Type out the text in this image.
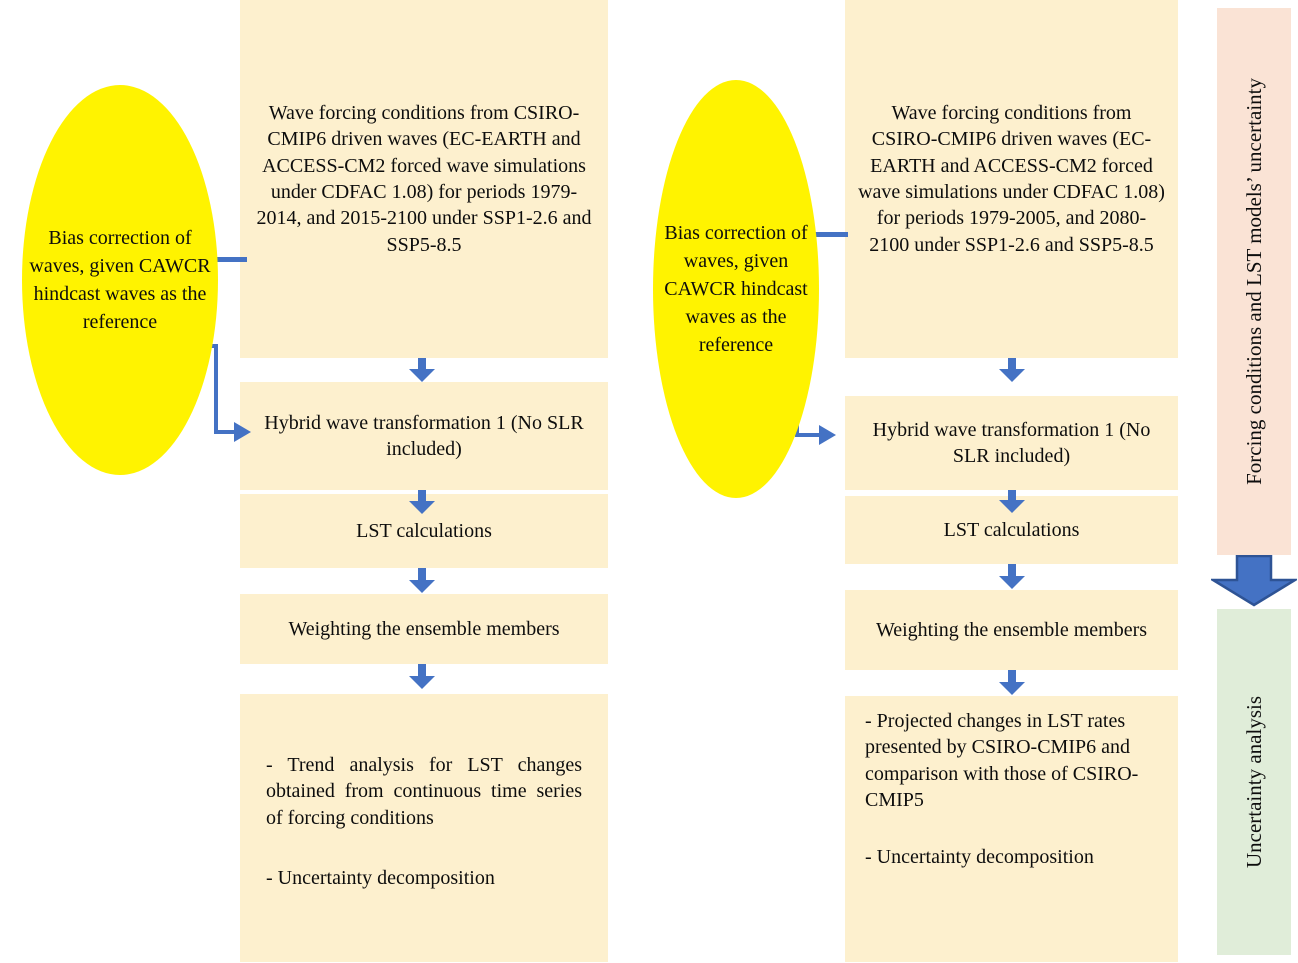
Wave forcing conditions from CSIRO-CMIP6 driven waves (EC-EARTH and ACCESS-CM2 forced wave simulations under CDFAC 1.08) for periods 1979-2014, and 2015-2100 under SSP1-2.6 and SSP5-8.5
Hybrid wave transformation 1 (No SLR included)
LST calculations
Weighting the ensemble members
- Trend analysis for LST changes obtained from continuous time series of forcing conditions
- Uncertainty decomposition
Bias correction of waves, given CAWCR hindcast waves as the reference
Wave forcing conditions from CSIRO-CMIP6 driven waves (EC-EARTH and ACCESS-CM2 forced wave simulations under CDFAC 1.08) for periods 1979-2005, and 2080-2100 under SSP1-2.6 and SSP5-8.5
Hybrid wave transformation 1 (No SLR included)
LST calculations
Weighting the ensemble members
- Projected changes in LST rates presented by CSIRO-CMIP6 and comparison with those of CSIRO-CMIP5
- Uncertainty decomposition
Bias correction of waves, given CAWCR hindcast waves as the reference	Forcing conditions and LST models’ uncertainty
Uncertainty analysis
